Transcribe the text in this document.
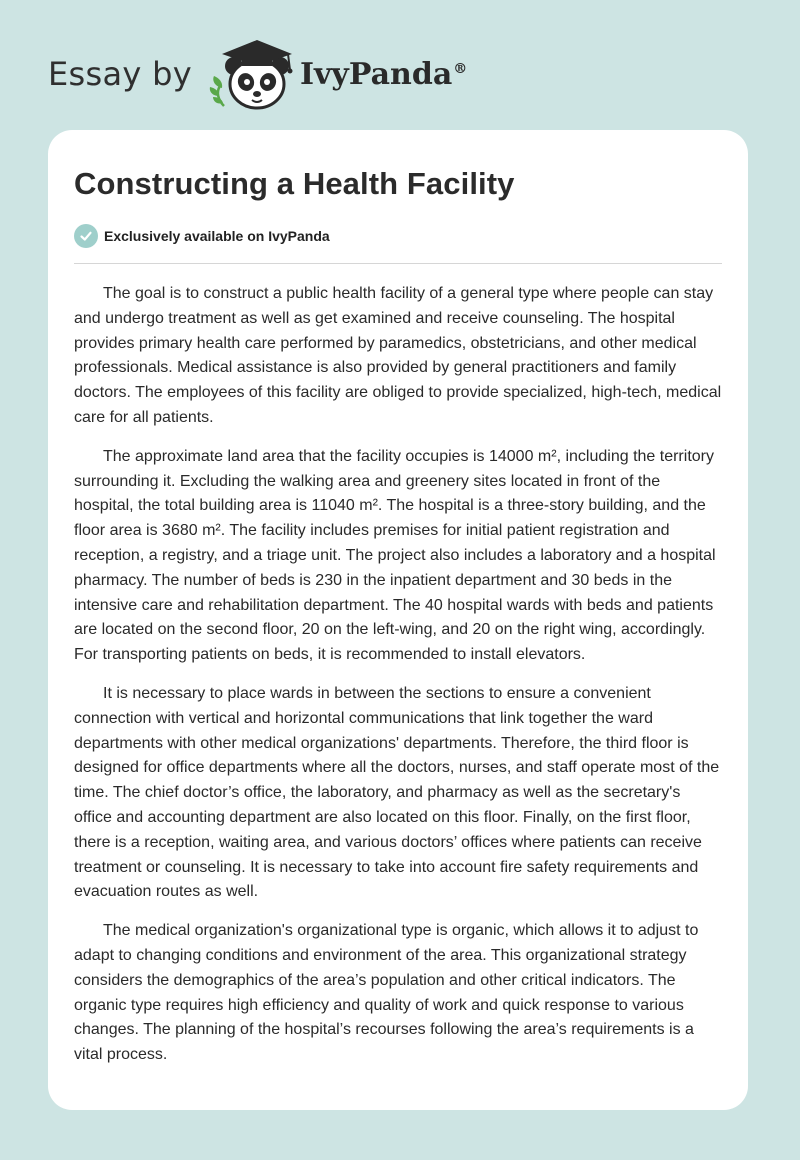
Essay by	IvyPanda®
Constructing a Health Facility
Exclusively available on IvyPanda

The goal is to construct a public health facility of a general type where people can stay and undergo treatment as well as get examined and receive counseling. The hospital provides primary health care performed by paramedics, obstetricians, and other medical professionals. Medical assistance is also provided by general practitioners and family doctors. The employees of this facility are obliged to provide specialized, high-tech, medical care for all patients.

The approximate land area that the facility occupies is 14000 m², including the territory surrounding it. Excluding the walking area and greenery sites located in front of the hospital, the total building area is 11040 m². The hospital is a three-story building, and the floor area is 3680 m². The facility includes premises for initial patient registration and reception, a registry, and a triage unit. The project also includes a laboratory and a hospital pharmacy. The number of beds is 230 in the inpatient department and 30 beds in the intensive care and rehabilitation department. The 40 hospital wards with beds and patients are located on the second floor, 20 on the left-wing, and 20 on the right wing, accordingly. For transporting patients on beds, it is recommended to install elevators.

It is necessary to place wards in between the sections to ensure a convenient connection with vertical and horizontal communications that link together the ward departments with other medical organizations' departments. Therefore, the third floor is designed for office departments where all the doctors, nurses, and staff operate most of the time. The chief doctor’s office, the laboratory, and pharmacy as well as the secretary's office and accounting department are also located on this floor. Finally, on the first floor, there is a reception, waiting area, and various doctors’ offices where patients can receive treatment or counseling. It is necessary to take into account fire safety requirements and evacuation routes as well.

The medical organization's organizational type is organic, which allows it to adjust to adapt to changing conditions and environment of the area. This organizational strategy considers the demographics of the area’s population and other critical indicators. The organic type requires high efficiency and quality of work and quick response to various changes. The planning of the hospital’s recourses following the area’s requirements is a vital process.
